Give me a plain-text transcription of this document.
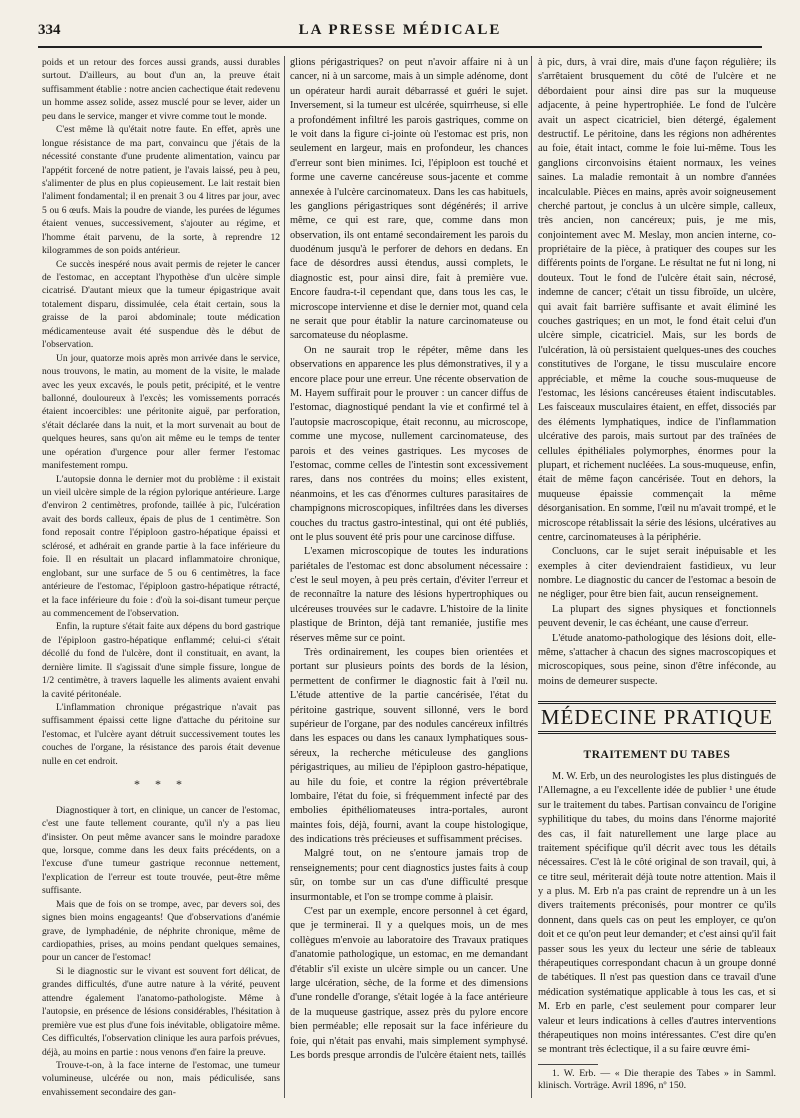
334	LA PRESSE MÉDICALE

poids et un retour des forces aussi grands, aussi durables surtout. D'ailleurs, au bout d'un an, la preuve était suffisamment établie : notre ancien cachectique était redevenu un homme assez solide, assez musclé pour se lever, aider un peu dans le service, manger et vivre comme tout le monde.

C'est même là qu'était notre faute. En effet, après une longue résistance de ma part, convaincu que j'étais de la nécessité constante d'une prudente alimentation, vaincu par l'appétit forcené de notre patient, je l'avais laissé, peu à peu, s'alimenter de plus en plus copieusement. Le lait restait bien l'aliment fondamental; il en prenait 3 ou 4 litres par jour, avec 5 ou 6 œufs. Mais la poudre de viande, les purées de légumes étaient venues, successivement, s'ajouter au régime, et l'homme était parvenu, de la sorte, à reprendre 12 kilogrammes de son poids antérieur.

Ce succès inespéré nous avait permis de rejeter le cancer de l'estomac, en acceptant l'hypothèse d'un ulcère simple cicatrisé. D'autant mieux que la tumeur épigastrique avait totalement disparu, dissimulée, cela était certain, sous la graisse de la paroi abdominale; toute médication médicamenteuse avait été suspendue dès le début de l'observation.

Un jour, quatorze mois après mon arrivée dans le service, nous trouvons, le matin, au moment de la visite, le malade avec les yeux excavés, le pouls petit, précipité, et le ventre ballonné, douloureux à l'excès; les vomissements porracés étaient incoercibles: une péritonite aiguë, par perforation, s'était déclarée dans la nuit, et la mort survenait au bout de quelques heures, sans qu'on ait même eu le temps de tenter une opération d'urgence pour aller fermer l'estomac manifestement rompu.

L'autopsie donna le dernier mot du problème : il existait un vieil ulcère simple de la région pylorique antérieure. Large d'environ 2 centimètres, profonde, taillée à pic, l'ulcération avait des bords calleux, épais de plus de 1 centimètre. Son fond reposait contre l'épiploon gastro-hépatique épaissi et sclérosé, et adhérait en grande partie à la face inférieure du foie. Il en résultait un placard inflammatoire chronique, englobant, sur une surface de 5 ou 6 centimètres, la face antérieure de l'estomac, l'épiploon gastro-hépatique rétracté, et la face inférieure du foie : d'où la soi-disant tumeur perçue au commencement de l'observation.

Enfin, la rupture s'était faite aux dépens du bord gastrique de l'épiploon gastro-hépatique enflammé; celui-ci s'était décollé du fond de l'ulcère, dont il constituait, en avant, la dernière limite. Il s'agissait d'une simple fissure, longue de 1/2 centimètre, à travers laquelle les aliments avaient envahi la cavité péritonéale.

L'inflammation chronique prégastrique n'avait pas suffisamment épaissi cette ligne d'attache du péritoine sur l'estomac, et l'ulcère ayant détruit successivement toutes les couches de l'organe, la résistance des parois était devenue nulle en cet endroit.

* * *

Diagnostiquer à tort, en clinique, un cancer de l'estomac, c'est une faute tellement courante, qu'il n'y a pas lieu d'insister. On peut même avancer sans le moindre paradoxe que, lorsque, comme dans les deux faits précédents, on a l'excuse d'une tumeur gastrique reconnue nettement, l'explication de l'erreur est toute trouvée, peut-être même suffisante.

Mais que de fois on se trompe, avec, par devers soi, des signes bien moins engageants! Que d'observations d'anémie grave, de lymphadénie, de néphrite chronique, même de cardiopathies, prises, au moins pendant quelques semaines, pour un cancer de l'estomac!

Si le diagnostic sur le vivant est souvent fort délicat, de grandes difficultés, d'une autre nature à la vérité, peuvent attendre également l'anatomo-pathologiste. Même à l'autopsie, en présence de lésions considérables, l'hésitation à première vue est plus d'une fois inévitable, obligatoire même. Ces difficultés, l'observation clinique les aura parfois prévues, déjà, au moins en partie : nous venons d'en faire la preuve.

Trouve-t-on, à la face interne de l'estomac, une tumeur volumineuse, ulcérée ou non, mais pédiculisée, sans envahissement secondaire des gan-

glions périgastriques? on peut n'avoir affaire ni à un cancer, ni à un sarcome, mais à un simple adénome, dont un opérateur hardi aurait débarrassé et guéri le sujet. Inversement, si la tumeur est ulcérée, squirrheuse, si elle a profondément infiltré les parois gastriques, comme on le voit dans la figure ci-jointe où l'estomac est pris, non seulement en largeur, mais en profondeur, les chances d'erreur sont bien minimes. Ici, l'épiploon est touché et forme une caverne cancéreuse sous-jacente et comme annexée à l'ulcère carcinomateux. Dans les cas habituels, les ganglions périgastriques sont dégénérés; il arrive même, ce qui est rare, que, comme dans mon observation, ils ont entamé secondairement les parois du duodénum jusqu'à le perforer de dehors en dedans. En face de désordres aussi étendus, aussi complets, le diagnostic est, pour ainsi dire, fait à première vue. Encore faudra-t-il cependant que, dans tous les cas, le microscope intervienne et dise le dernier mot, quand cela ne serait que pour établir la nature carcinomateuse ou sarcomateuse du néoplasme.

On ne saurait trop le répéter, même dans les observations en apparence les plus démonstratives, il y a encore place pour une erreur. Une récente observation de M. Hayem suffirait pour le prouver : un cancer diffus de l'estomac, diagnostiqué pendant la vie et confirmé tel à l'autopsie macroscopique, était reconnu, au microscope, comme une mycose, nullement carcinomateuse, des parois et des veines gastriques. Les mycoses de l'estomac, comme celles de l'intestin sont excessivement rares, dans nos contrées du moins; elles existent, néanmoins, et les cas d'énormes cultures parasitaires de champignons microscopiques, infiltrées dans les diverses couches du tractus gastro-intestinal, qui ont été publiés, ont le plus souvent été pris pour une carcinose diffuse.

L'examen microscopique de toutes les indurations pariétales de l'estomac est donc absolument nécessaire : c'est le seul moyen, à peu près certain, d'éviter l'erreur et de reconnaître la nature des lésions hypertrophiques ou ulcéreuses trouvées sur le cadavre. L'histoire de la linite plastique de Brinton, déjà tant remaniée, justifie mes réserves même sur ce point.

Très ordinairement, les coupes bien orientées et portant sur plusieurs points des bords de la lésion, permettent de confirmer le diagnostic fait à l'œil nu. L'étude attentive de la partie cancérisée, l'état du péritoine gastrique, souvent sillonné, vers le bord supérieur de l'organe, par des nodules cancéreux infiltrés dans les espaces ou dans les canaux lymphatiques sous-séreux, la recherche méticuleuse des ganglions périgastriques, au milieu de l'épiploon gastro-hépatique, au hile du foie, et contre la région prévertébrale lombaire, l'état du foie, si fréquemment infecté par des embolies épithéliomateuses intra-portales, auront maintes fois, déjà, fourni, avant la coupe histologique, des indications très précieuses et suffisamment précises.

Malgré tout, on ne s'entoure jamais trop de renseignements; pour cent diagnostics justes faits à coup sûr, on tombe sur un cas d'une difficulté presque insurmontable, et l'on se trompe comme à plaisir.

C'est par un exemple, encore personnel à cet égard, que je terminerai. Il y a quelques mois, un de mes collègues m'envoie au laboratoire des Travaux pratiques d'anatomie pathologique, un estomac, en me demandant d'établir s'il existe un ulcère simple ou un cancer. Une large ulcération, sèche, de la forme et des dimensions d'une rondelle d'orange, s'était logée à la face antérieure de la muqueuse gastrique, assez près du pylore encore bien perméable; elle reposait sur la face inférieure du foie, qui n'était pas envahi, mais simplement symphysé. Les bords presque arrondis de l'ulcère étaient nets, taillés

à pic, durs, à vrai dire, mais d'une façon régulière; ils s'arrêtaient brusquement du côté de l'ulcère et ne débordaient pour ainsi dire pas sur la muqueuse adjacente, à peine hypertrophiée. Le fond de l'ulcère avait un aspect cicatriciel, bien détergé, également destructif. Le péritoine, dans les régions non adhérentes au foie, était intact, comme le foie lui-même. Tous les ganglions circonvoisins étaient normaux, les veines saines. La maladie remontait à un nombre d'années incalculable. Pièces en mains, après avoir soigneusement cherché partout, je conclus à un ulcère simple, calleux, très ancien, non cancéreux; puis, je me mis, conjointement avec M. Meslay, mon ancien interne, co-propriétaire de la pièce, à pratiquer des coupes sur les différents points de l'organe. Le résultat ne fut ni long, ni douteux. Tout le fond de l'ulcère était sain, nécrosé, indemne de cancer; c'était un tissu fibroïde, un ulcère, qui avait fait barrière suffisante et avait éliminé les couches gastriques; en un mot, le fond était celui d'un ulcère simple, cicatriciel. Mais, sur les bords de l'ulcération, là où persistaient quelques-unes des couches constitutives de l'organe, le tissu musculaire encore appréciable, et même la couche sous-muqueuse de l'estomac, les lésions cancéreuses étaient indiscutables. Les faisceaux musculaires étaient, en effet, dissociés par des éléments lymphatiques, indice de l'inflammation ulcérative des parois, mais surtout par des traînées de cellules épithéliales polymorphes, énormes pour la plupart, et richement nucléées. La sous-muqueuse, enfin, était de même façon cancérisée. Tout en dehors, la muqueuse épaissie commençait la même désorganisation. En somme, l'œil nu m'avait trompé, et le microscope rétablissait la série des lésions, ulcératives au centre, carcinomateuses à la périphérie.

Concluons, car le sujet serait inépuisable et les exemples à citer deviendraient fastidieux, vu leur nombre. Le diagnostic du cancer de l'estomac a besoin de ne négliger, pour être bien fait, aucun renseignement.

La plupart des signes physiques et fonctionnels peuvent devenir, le cas échéant, une cause d'erreur.

L'étude anatomo-pathologique des lésions doit, elle-même, s'attacher à chacun des signes macroscopiques et microscopiques, sous peine, sinon d'être inféconde, au moins de demeurer suspecte.

MÉDECINE PRATIQUE
TRAITEMENT DU TABES

M. W. Erb, un des neurologistes les plus distingués de l'Allemagne, a eu l'excellente idée de publier ¹ une étude sur le traitement du tabes. Partisan convaincu de l'origine syphilitique du tabes, du moins dans l'énorme majorité des cas, il fait naturellement une large place au traitement spécifique qu'il décrit avec tous les détails nécessaires. C'est là le côté original de son travail, qui, à ce titre seul, mériterait déjà toute notre attention. Mais il y a plus. M. Erb n'a pas craint de reprendre un à un les divers traitements préconisés, pour montrer ce qu'ils donnent, dans quels cas on peut les employer, ce qu'on doit et ce qu'on peut leur demander; et c'est ainsi qu'il fait passer sous les yeux du lecteur une série de tableaux thérapeutiques correspondant chacun à un groupe donné de tabétiques. Il n'est pas question dans ce travail d'une médication systématique applicable à tous les cas, et si M. Erb en parle, c'est seulement pour comparer leur valeur et leurs indications à celles d'autres interventions thérapeutiques non moins intéressantes. C'est dire qu'en se montrant très éclectique, il a su faire œuvre émi-

1. W. Erb. — « Die therapie des Tabes » in Samml. klinisch. Vorträge. Avril 1896, nº 150.
